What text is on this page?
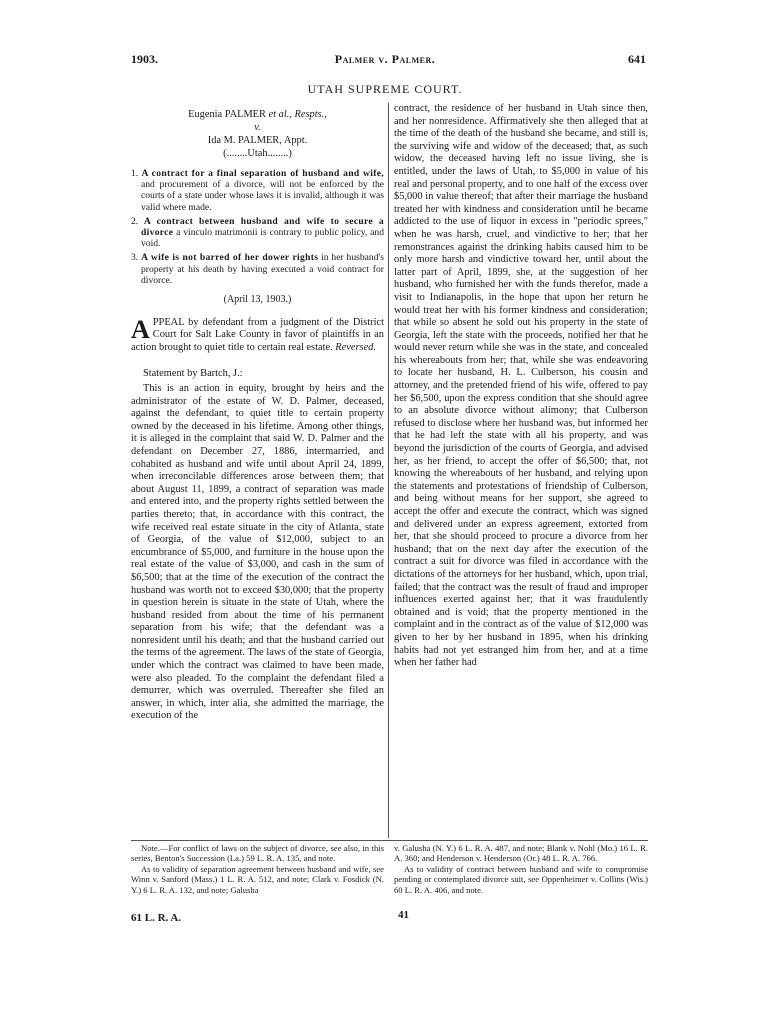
1903.	Palmer v. Palmer.	641
UTAH SUPREME COURT.
Eugenia PALMER et al., Respts.,
v.
Ida M. PALMER, Appt.
(........Utah........)
1. A contract for a final separation of husband and wife, and procurement of a divorce, will not be enforced by the courts of a state under whose laws it is invalid, although it was valid where made.
2. A contract between husband and wife to secure a divorce a vinculo matrimonii is contrary to public policy, and void.
3. A wife is not barred of her dower rights in her husband's property at his death by having executed a void contract for divorce.
(April 13, 1903.)
A PPEAL by defendant from a judgment of the District Court for Salt Lake County in favor of plaintiffs in an action brought to quiet title to certain real estate. Reversed.
Statement by Bartch, J.:

This is an action in equity, brought by heirs and the administrator of the estate of W. D. Palmer, deceased, against the defendant, to quiet title to certain property owned by the deceased in his lifetime. Among other things, it is alleged in the complaint that said W. D. Palmer and the defendant on December 27, 1886, intermarried, and cohabited as husband and wife until about April 24, 1899, when irreconcilable differences arose between them; that about August 11, 1899, a contract of separation was made and entered into, and the property rights settled between the parties thereto; that, in accordance with this contract, the wife received real estate situate in the city of Atlanta, state of Georgia, of the value of $12,000, subject to an encumbrance of $5,000, and furniture in the house upon the real estate of the value of $3,000, and cash in the sum of $6,500; that at the time of the execution of the contract the husband was worth not to exceed $30,000; that the property in question herein is situate in the state of Utah, where the husband resided from about the time of his permanent separation from his wife; that the defendant was a nonresident until his death; and that the husband carried out the terms of the agreement. The laws of the state of Georgia, under which the contract was claimed to have been made, were also pleaded. To the complaint the defendant filed a demurrer, which was overruled. Thereafter she filed an answer, in which, inter alia, she admitted the marriage, the execution of the

contract, the residence of her husband in Utah since then, and her nonresidence. Affirmatively she then alleged that at the time of the death of the husband she became, and still is, the surviving wife and widow of the deceased; that, as such widow, the deceased having left no issue living, she is entitled, under the laws of Utah, to $5,000 in value of his real and personal property, and to one half of the excess over $5,000 in value thereof; that after their marriage the husband treated her with kindness and consideration until he became addicted to the use of liquor in excess in "periodic sprees," when he was harsh, cruel, and vindictive to her; that her remonstrances against the drinking habits caused him to be only more harsh and vindictive toward her, until about the latter part of April, 1899, she, at the suggestion of her husband, who furnished her with the funds therefor, made a visit to Indianapolis, in the hope that upon her return he would treat her with his former kindness and consideration; that while so absent he sold out his property in the state of Georgia, left the state with the proceeds, notified her that he would never return while she was in the state, and concealed his whereabouts from her; that, while she was endeavoring to locate her husband, H. L. Culberson, his cousin and attorney, and the pretended friend of his wife, offered to pay her $6,500, upon the express condition that she should agree to an absolute divorce without alimony; that Culberson refused to disclose where her husband was, but informed her that he had left the state with all his property, and was beyond the jurisdiction of the courts of Georgia, and advised her, as her friend, to accept the offer of $6,500; that, not knowing the whereabouts of her husband, and relying upon the statements and protestations of friendship of Culberson, and being without means for her support, she agreed to accept the offer and execute the contract, which was signed and delivered under an express agreement, extorted from her, that she should proceed to procure a divorce from her husband; that on the next day after the execution of the contract a suit for divorce was filed in accordance with the dictations of the attorneys for her husband, which, upon trial, failed; that the contract was the result of fraud and improper influences exerted against her; that it was fraudulently obtained and is void; that the property mentioned in the complaint and in the contract as of the value of $12,000 was given to her by her husband in 1895, when his drinking habits had not yet estranged him from her, and at a time when her father had

Note.—For conflict of laws on the subject of divorce, see also, in this series, Benton's Succession (La.) 59 L. R. A. 135, and note.

As to validity of separation agreement between husband and wife, see Winn v. Sanford (Mass.) 1 L. R. A. 512, and note; Clark v. Fosdick (N. Y.) 6 L. R. A. 132, and note; Galusha

v. Galusha (N. Y.) 6 L. R. A. 487, and note; Blank v. Nohl (Mo.) 16 L. R. A. 360; and Henderson v. Henderson (Or.) 48 L. R. A. 766.

As to validity of contract between husband and wife to compromise pending or contemplated divorce suit, see Oppenheimer v. Collins (Wis.) 60 L. R. A. 406, and note.

61 L. R. A.	41
